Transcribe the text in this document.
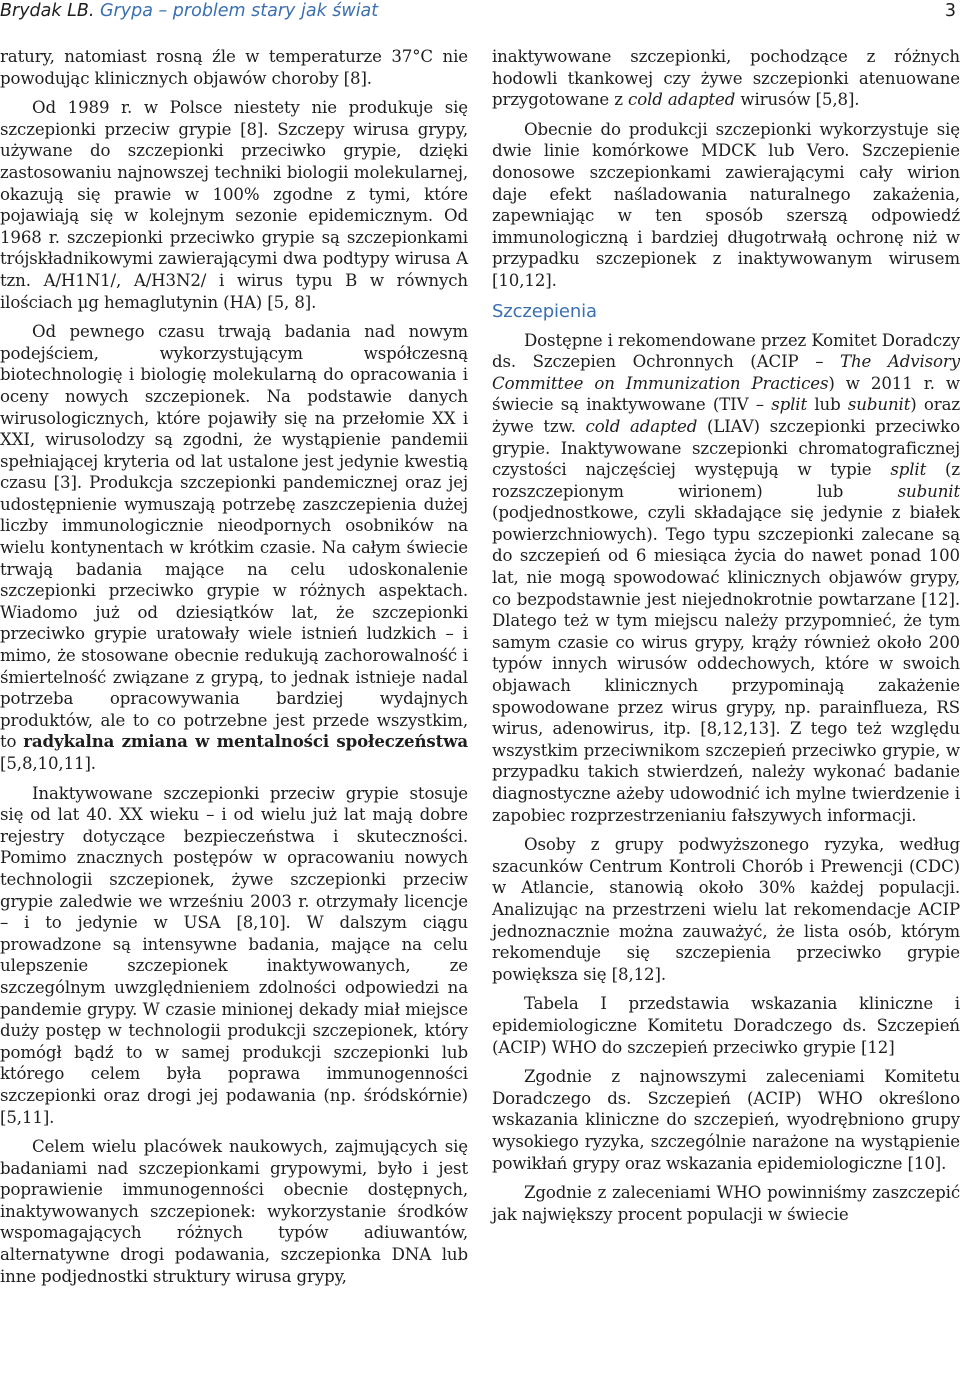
Brydak LB. Grypa – problem stary jak świat	3

ratury, natomiast rosną źle w temperaturze 37°C nie powodując klinicznych objawów choroby [8].

Od 1989 r. w Polsce niestety nie produkuje się szczepionki przeciw grypie [8]. Szczepy wirusa grypy, używane do szczepionki przeciwko grypie, dzięki zastosowaniu najnowszej techniki biologii molekularnej, okazują się prawie w 100% zgodne z tymi, które pojawiają się w kolejnym sezonie epidemicznym. Od 1968 r. szczepionki przeciwko grypie są szczepionkami trójskładnikowymi zawierającymi dwa podtypy wirusa A tzn. A/H1N1/, A/H3N2/ i wirus typu B w równych ilościach µg hemaglutynin (HA) [5, 8].

Od pewnego czasu trwają badania nad nowym podejściem, wykorzystującym współczesną biotechnologię i biologię molekularną do opracowania i oceny nowych szczepionek. Na podstawie danych wirusologicznych, które pojawiły się na przełomie XX i XXI, wirusolodzy są zgodni, że wystąpienie pandemii spełniającej kryteria od lat ustalone jest jedynie kwestią czasu [3]. Produkcja szczepionki pandemicznej oraz jej udostępnienie wymuszają potrzebę zaszczepienia dużej liczby immunologicznie nieodpornych osobników na wielu kontynentach w krótkim czasie. Na całym świecie trwają badania mające na celu udoskonalenie szczepionki przeciwko grypie w różnych aspektach. Wiadomo już od dziesiątków lat, że szczepionki przeciwko grypie uratowały wiele istnień ludzkich – i mimo, że stosowane obecnie redukują zachorowalność i śmiertelność związane z grypą, to jednak istnieje nadal potrzeba opracowywania bardziej wydajnych produktów, ale to co potrzebne jest przede wszystkim, to radykalna zmiana w mentalności społeczeństwa [5,8,10,11].

Inaktywowane szczepionki przeciw grypie stosuje się od lat 40. XX wieku – i od wielu już lat mają dobre rejestry dotyczące bezpieczeństwa i skuteczności. Pomimo znacznych postępów w opracowaniu nowych technologii szczepionek, żywe szczepionki przeciw grypie zaledwie we wrześniu 2003 r. otrzymały licencje – i to jedynie w USA [8,10]. W dalszym ciągu prowadzone są intensywne badania, mające na celu ulepszenie szczepionek inaktywowanych, ze szczególnym uwzględnieniem zdolności odpowiedzi na pandemie grypy. W czasie minionej dekady miał miejsce duży postęp w technologii produkcji szczepionek, który pomógł bądź to w samej produkcji szczepionki lub którego celem była poprawa immunogenności szczepionki oraz drogi jej podawania (np. śródskórnie) [5,11].

Celem wielu placówek naukowych, zajmujących się badaniami nad szczepionkami grypowymi, było i jest poprawienie immunogenności obecnie dostępnych, inaktywowanych szczepionek: wykorzystanie środków wspomagających różnych typów adiuwantów, alternatywne drogi podawania, szczepionka DNA lub inne podjednostki struktury wirusa grypy,

inaktywowane szczepionki, pochodzące z różnych hodowli tkankowej czy żywe szczepionki atenuowane przygotowane z cold adapted wirusów [5,8].

Obecnie do produkcji szczepionki wykorzystuje się dwie linie komórkowe MDCK lub Vero. Szczepienie donosowe szczepionkami zawierającymi cały wirion daje efekt naśladowania naturalnego zakażenia, zapewniając w ten sposób szerszą odpowiedź immunologiczną i bardziej długotrwałą ochronę niż w przypadku szczepionek z inaktywowanym wirusem [10,12].

Szczepienia

Dostępne i rekomendowane przez Komitet Doradczy ds. Szczepien Ochronnych (ACIP – The Advisory Committee on Immunization Practices) w 2011 r. w świecie są inaktywowane (TIV – split lub subunit) oraz żywe tzw. cold adapted (LIAV) szczepionki przeciwko grypie. Inaktywowane szczepionki chromatograficznej czystości najczęściej występują w typie split (z rozszczepionym wirionem) lub subunit (podjednostkowe, czyli składające się jedynie z białek powierzchniowych). Tego typu szczepionki zalecane są do szczepień od 6 miesiąca życia do nawet ponad 100 lat, nie mogą spowodować klinicznych objawów grypy, co bezpodstawnie jest niejednokrotnie powtarzane [12]. Dlatego też w tym miejscu należy przypomnieć, że tym samym czasie co wirus grypy, krąży również około 200 typów innych wirusów oddechowych, które w swoich objawach klinicznych przypominają zakażenie spowodowane przez wirus grypy, np. parainflueza, RS wirus, adenowirus, itp. [8,12,13]. Z tego też względu wszystkim przeciwnikom szczepień przeciwko grypie, w przypadku takich stwierdzeń, należy wykonać badanie diagnostyczne ażeby udowodnić ich mylne twierdzenie i zapobiec rozprzestrzenianiu fałszywych informacji.

Osoby z grupy podwyższonego ryzyka, według szacunków Centrum Kontroli Chorób i Prewencji (CDC) w Atlancie, stanowią około 30% każdej populacji. Analizując na przestrzeni wielu lat rekomendacje ACIP jednoznacznie można zauważyć, że lista osób, którym rekomenduje się szczepienia przeciwko grypie powiększa się [8,12].

Tabela I przedstawia wskazania kliniczne i epidemiologiczne Komitetu Doradczego ds. Szczepień (ACIP) WHO do szczepień przeciwko grypie [12]

Zgodnie z najnowszymi zaleceniami Komitetu Doradczego ds. Szczepień (ACIP) WHO określono wskazania kliniczne do szczepień, wyodrębniono grupy wysokiego ryzyka, szczególnie narażone na wystąpienie powikłań grypy oraz wskazania epidemiologiczne [10].

Zgodnie z zaleceniami WHO powinniśmy zaszczepić jak największy procent populacji w świecie
